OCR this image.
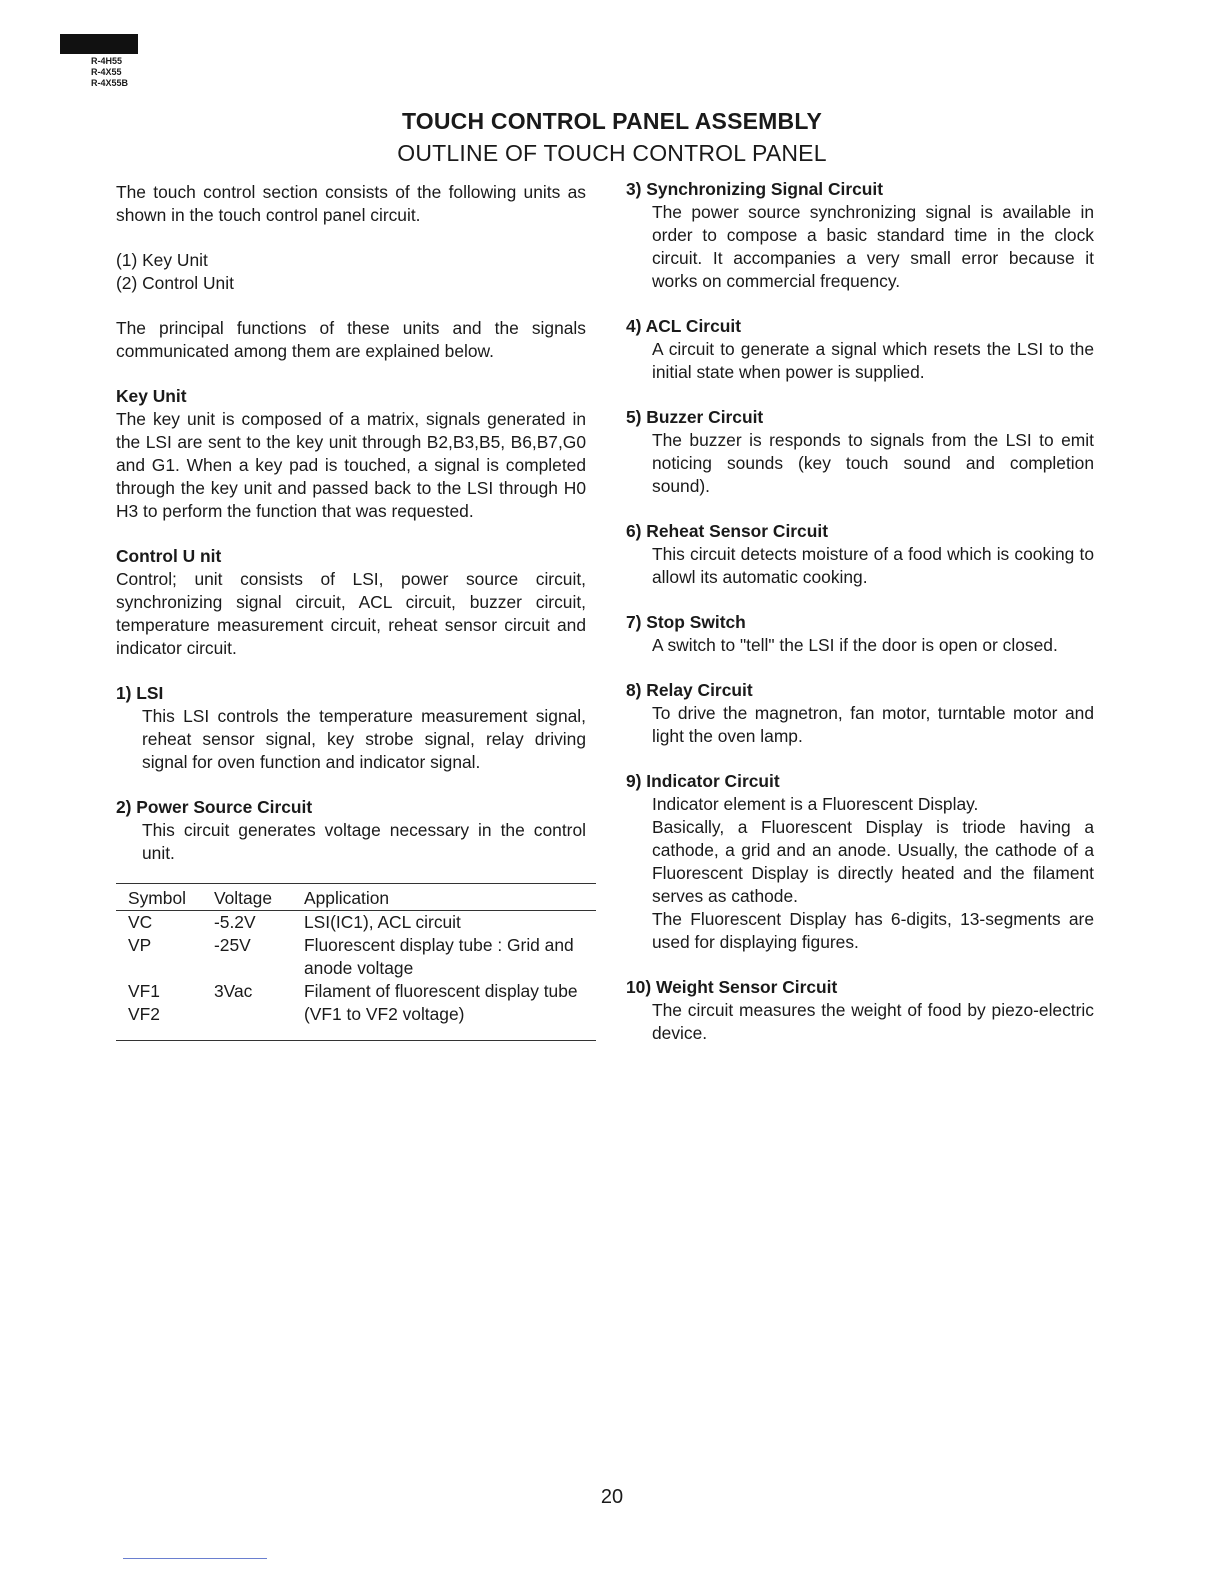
R-4H55
R-4X55
R-4X55B
TOUCH CONTROL PANEL ASSEMBLY
OUTLINE OF TOUCH CONTROL PANEL

The touch control section consists of the following units as shown in the touch control panel circuit.

(1) Key Unit

(2) Control Unit

The principal functions of these units and the signals communicated among them are explained below.

Key Unit

The key unit is composed of a matrix, signals generated in the LSI are sent to the key unit through B2,B3,B5, B6,B7,G0 and G1. When a key pad is touched, a signal is completed through the key unit and passed back to the LSI through H0 H3 to perform the function that was requested.

Control U nit

Control; unit consists of LSI, power source circuit, synchronizing signal circuit, ACL circuit, buzzer circuit, temperature measurement circuit, reheat sensor circuit and indicator circuit.

1) LSI

This LSI controls the temperature measurement signal, reheat sensor signal, key strobe signal, relay driving signal for oven function and indicator signal.

2) Power Source Circuit

This circuit generates voltage necessary in the control unit.

Symbol	Voltage	Application
VC	-5.2V	LSI(IC1), ACL circuit
VP	-25V	Fluorescent display tube : Grid and anode voltage
VF1	3Vac	Filament of fluorescent display tube
VF2		(VF1 to VF2 voltage)

3) Synchronizing Signal Circuit

The power source synchronizing signal is available in order to compose a basic standard time in the clock circuit. It accompanies a very small error because it works on commercial frequency.

4) ACL Circuit

A circuit to generate a signal which resets the LSI to the initial state when power is supplied.

5) Buzzer Circuit

The buzzer is responds to signals from the LSI to emit noticing sounds (key touch sound and completion sound).

6) Reheat Sensor Circuit

This circuit detects moisture of a food which is cooking to allowl its automatic cooking.

7) Stop Switch

A switch to "tell" the LSI if the door is open or closed.

8) Relay Circuit

To drive the magnetron, fan motor, turntable motor and light the oven lamp.

9) Indicator Circuit

Indicator element is a Fluorescent Display.

Basically, a Fluorescent Display is triode having a cathode, a grid and an anode. Usually, the cathode of a Fluorescent Display is directly heated and the filament serves as cathode.

The Fluorescent Display has 6-digits, 13-segments are used for displaying figures.

10) Weight Sensor Circuit

The circuit measures the weight of food by piezo-electric device.

20
